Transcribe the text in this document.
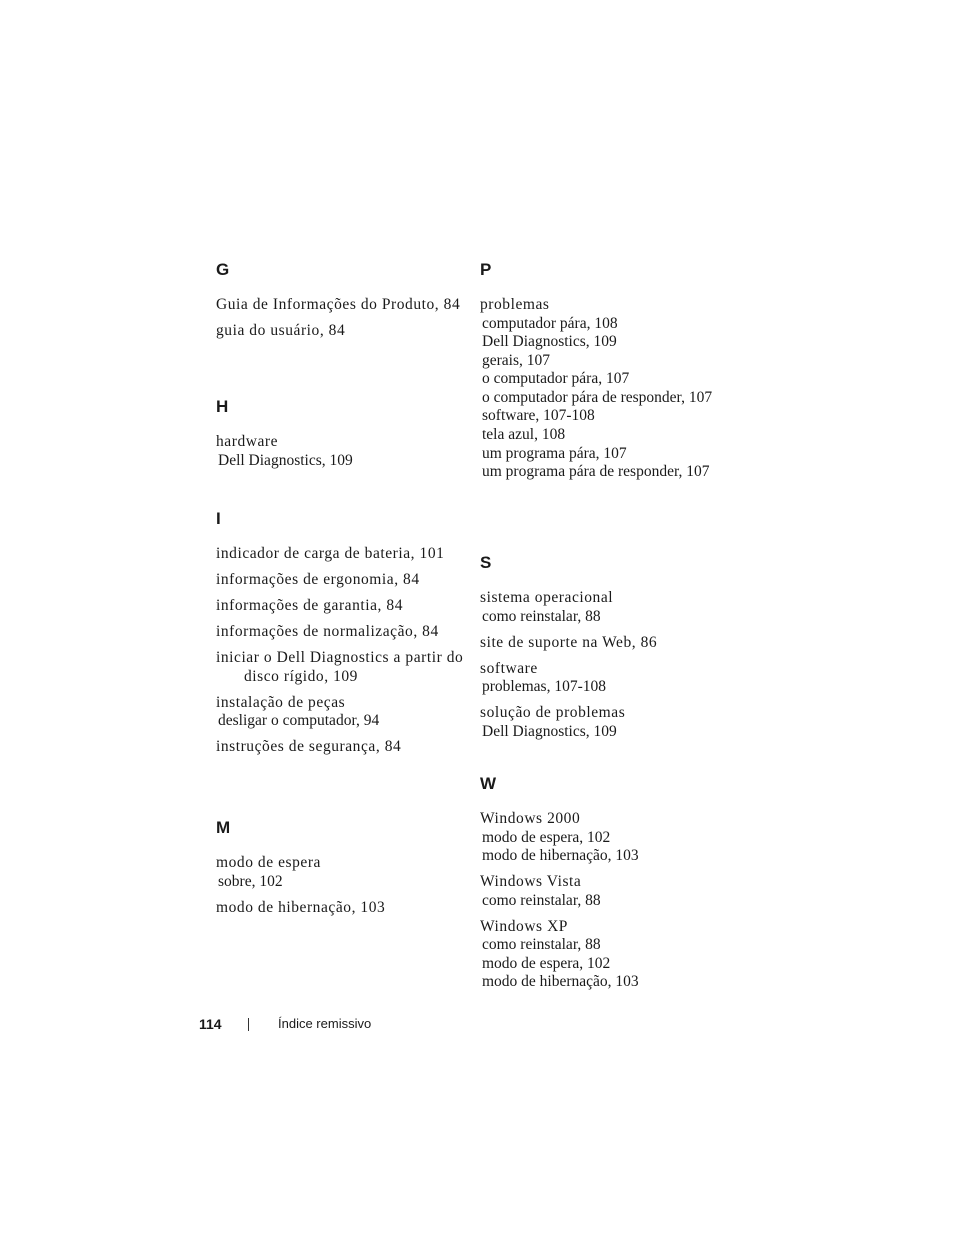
G
Guia de Informações do Produto, 84
guia do usuário, 84
H
hardware
Dell Diagnostics, 109
I
indicador de carga de bateria, 101
informações de ergonomia, 84
informações de garantia, 84
informações de normalização, 84
iniciar o Dell Diagnostics a partir do disco rígido, 109
instalação de peças
desligar o computador, 94
instruções de segurança, 84
M
modo de espera
sobre, 102
modo de hibernação, 103
P
problemas
computador pára, 108
Dell Diagnostics, 109
gerais, 107
o computador pára, 107
o computador pára de responder, 107
software, 107-108
tela azul, 108
um programa pára, 107
um programa pára de responder, 107
S
sistema operacional
como reinstalar, 88
site de suporte na Web, 86
software
problemas, 107-108
solução de problemas
Dell Diagnostics, 109
W
Windows 2000
modo de espera, 102
modo de hibernação, 103
Windows Vista
como reinstalar, 88
Windows XP
como reinstalar, 88
modo de espera, 102
modo de hibernação, 103
114	Índice remissivo
